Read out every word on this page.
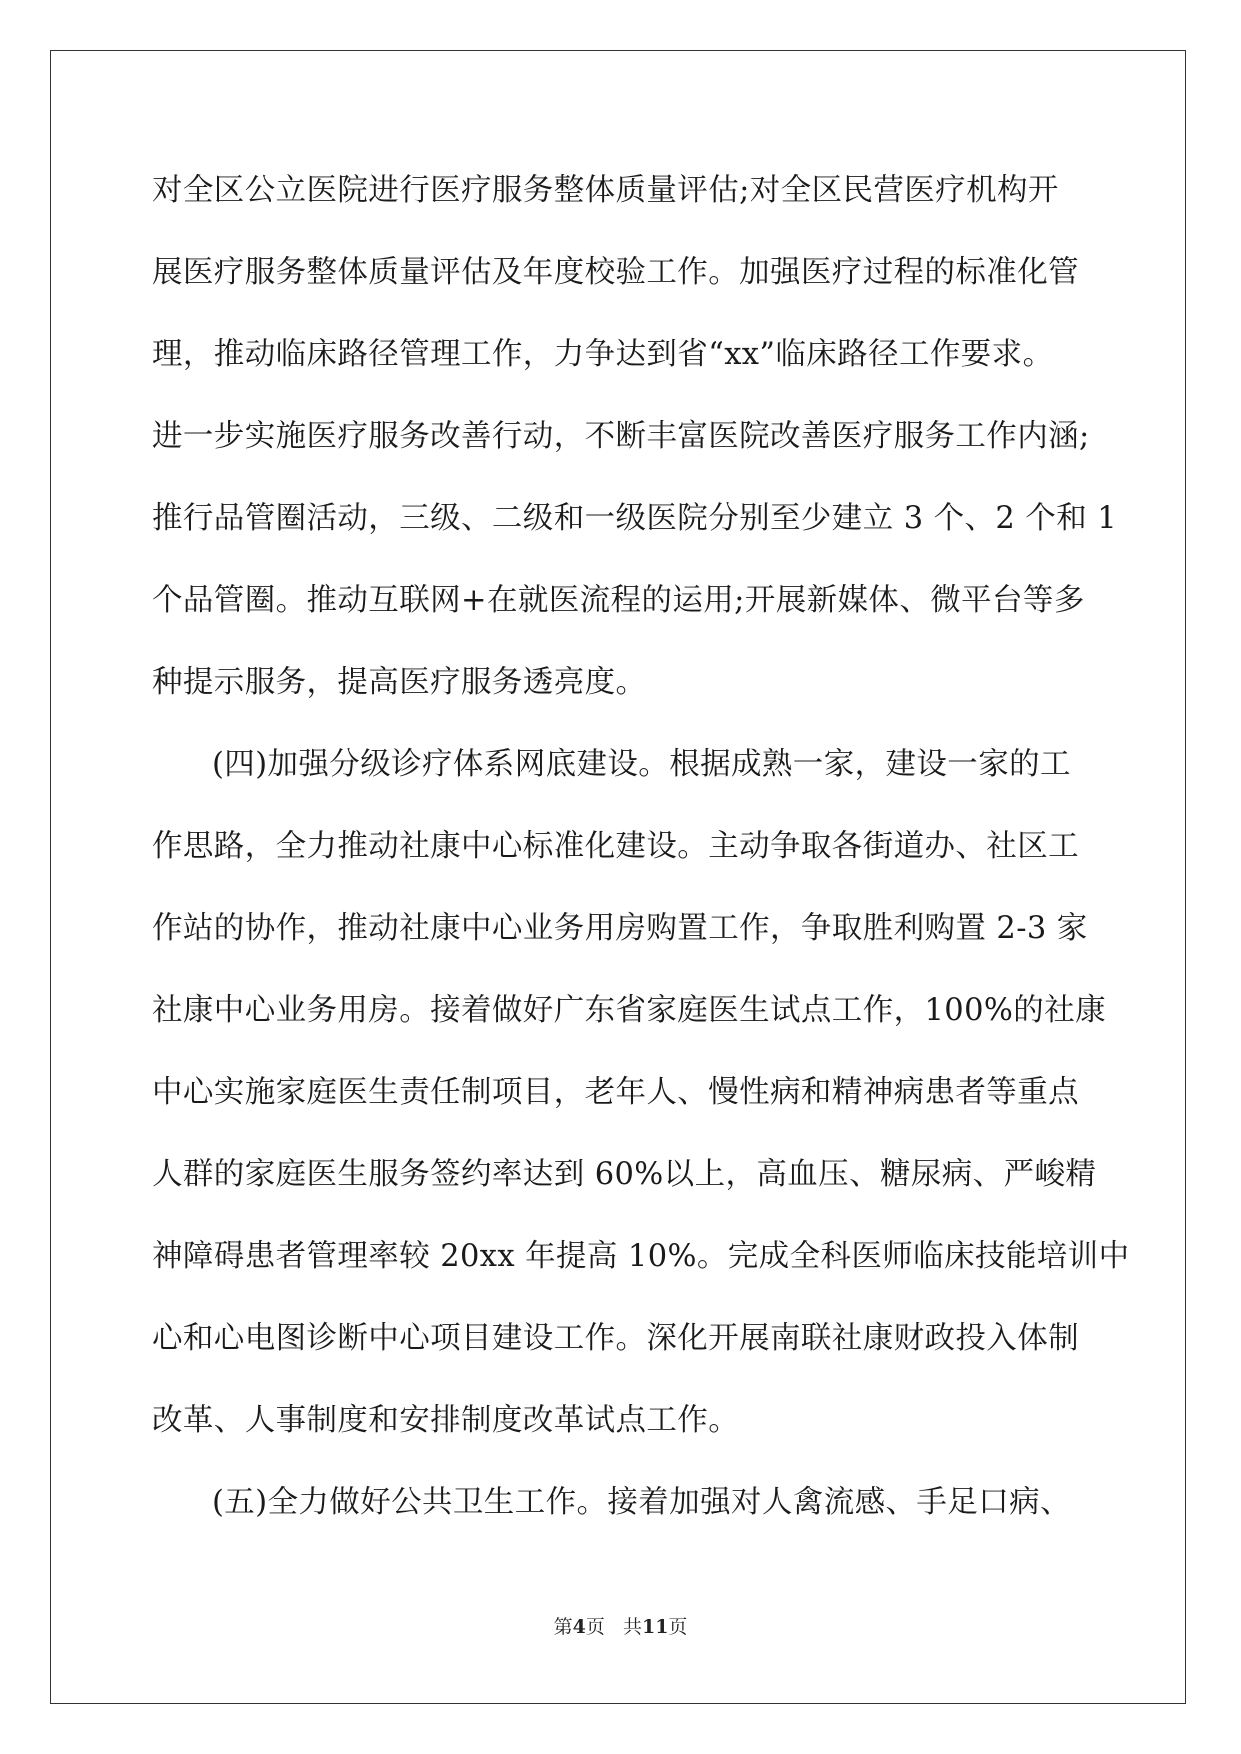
对全区公立医院进行医疗服务整体质量评估;对全区民营医疗机构开
展医疗服务整体质量评估及年度校验工作。加强医疗过程的标准化管
理，推动临床路径管理工作，力争达到省“xx”临床路径工作要求。
进一步实施医疗服务改善行动，不断丰富医院改善医疗服务工作内涵;
推行品管圈活动，三级、二级和一级医院分别至少建立 3 个、2 个和 1
个品管圈。推动互联网+在就医流程的运用;开展新媒体、微平台等多
种提示服务，提高医疗服务透亮度。
(四)加强分级诊疗体系网底建设。根据成熟一家，建设一家的工
作思路，全力推动社康中心标准化建设。主动争取各街道办、社区工
作站的协作，推动社康中心业务用房购置工作，争取胜利购置 2-3 家
社康中心业务用房。接着做好广东省家庭医生试点工作，100%的社康
中心实施家庭医生责任制项目，老年人、慢性病和精神病患者等重点
人群的家庭医生服务签约率达到 60%以上，高血压、糖尿病、严峻精
神障碍患者管理率较 20xx 年提高 10%。完成全科医师临床技能培训中
心和心电图诊断中心项目建设工作。深化开展南联社康财政投入体制
改革、人事制度和安排制度改革试点工作。
(五)全力做好公共卫生工作。接着加强对人禽流感、手足口病、
第4页 共11页
